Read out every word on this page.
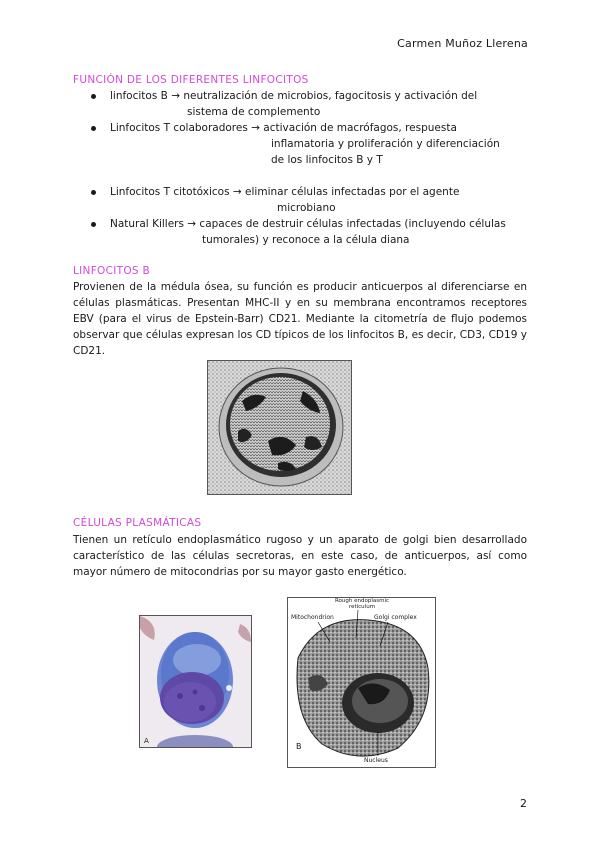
Carmen Muñoz Llerena
FUNCIÓN DE LOS DIFERENTES LINFOCITOS
linfocitos B → neutralización de microbios, fagocitosis y activación del
sistema de complemento
Linfocitos T colaboradores → activación de macrófagos, respuesta
inflamatoria y proliferación y diferenciación
de los linfocitos B y T
Linfocitos T citotóxicos → eliminar células infectadas por el agente
microbiano
Natural Killers → capaces de destruir células infectadas (incluyendo células
tumorales) y reconoce a la célula diana
LINFOCITOS B
Provienen de la médula ósea, su función es producir anticuerpos al diferenciarse en
células plasmáticas. Presentan MHC-II y en su membrana encontramos receptores
EBV (para el virus de Epstein-Barr) CD21. Mediante la citometría de flujo podemos
observar que células expresan los CD típicos de los linfocitos B, es decir, CD3, CD19 y
CD21.
CÉLULAS PLASMÁTICAS
Tienen un retículo endoplasmático rugoso y un aparato de golgi bien desarrollado
característico de las células secretoras, en este caso, de anticuerpos, así como
mayor número de mitocondrias por su mayor gasto energético.
A
Rough endoplasmic reticulum
Mitochondrion	Golgi complex
Nucleus
B
2
